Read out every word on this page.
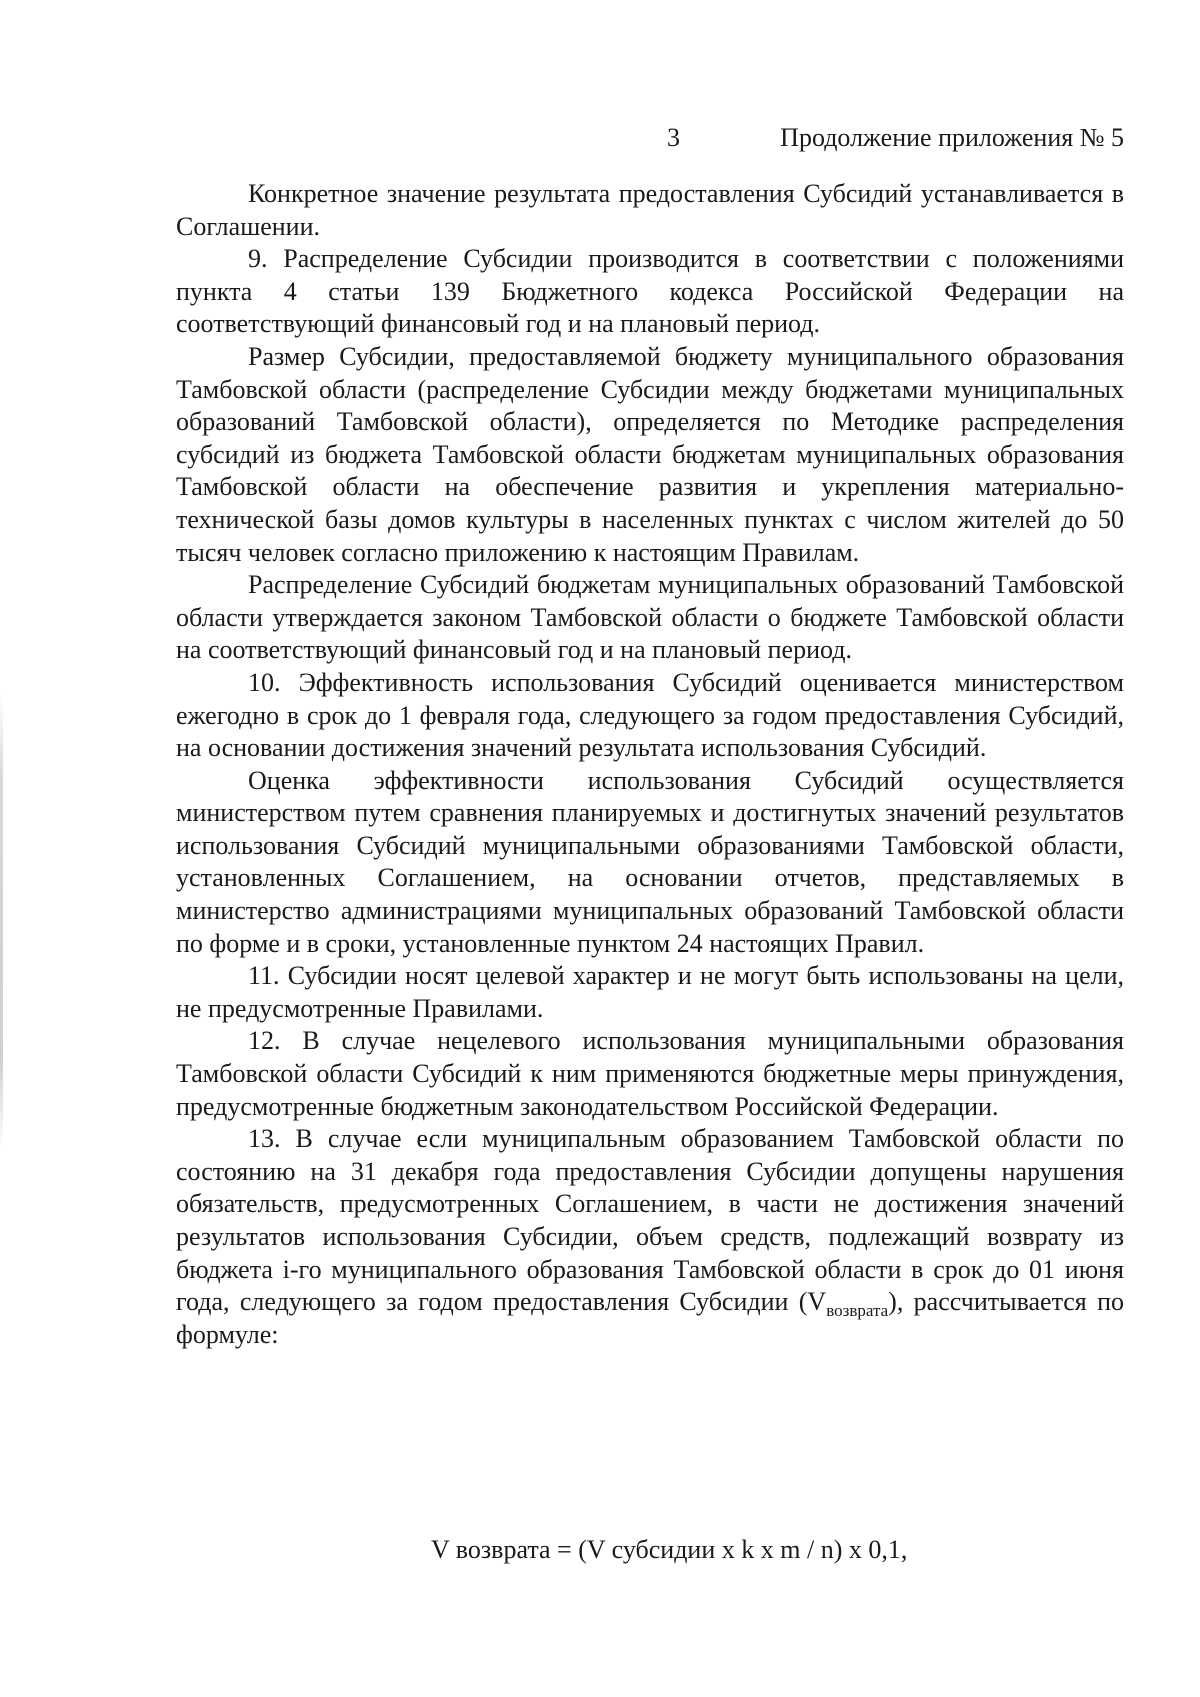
3	Продолжение приложения № 5

Конкретное значение результата предоставления Субсидий устанавливается в Соглашении.

9. Распределение Субсидии производится в соответствии с положениями пункта 4 статьи 139 Бюджетного кодекса Российской Федерации на соответствующий финансовый год и на плановый период.

Размер Субсидии, предоставляемой бюджету муниципального образования Тамбовской области (распределение Субсидии между бюджетами муниципальных образований Тамбовской области), определяется по Методике распределения субсидий из бюджета Тамбовской области бюджетам муниципальных образования Тамбовской области на обеспечение развития и укрепления материально-технической базы домов культуры в населенных пунктах с числом жителей до 50 тысяч человек согласно приложению к настоящим Правилам.

Распределение Субсидий бюджетам муниципальных образований Тамбовской области утверждается законом Тамбовской области о бюджете Тамбовской области на соответствующий финансовый год и на плановый период.

10. Эффективность использования Субсидий оценивается министерством ежегодно в срок до 1 февраля года, следующего за годом предоставления Субсидий, на основании достижения значений результата использования Субсидий.

Оценка эффективности использования Субсидий осуществляется министерством путем сравнения планируемых и достигнутых значений результатов использования Субсидий муниципальными образованиями Тамбовской области, установленных Соглашением, на основании отчетов, представляемых в министерство администрациями муниципальных образований Тамбовской области по форме и в сроки, установленные пунктом 24 настоящих Правил.

11. Субсидии носят целевой характер и не могут быть использованы на цели, не предусмотренные Правилами.

12. В случае нецелевого использования муниципальными образования Тамбовской области Субсидий к ним применяются бюджетные меры принуждения, предусмотренные бюджетным законодательством Российской Федерации.

13. В случае если муниципальным образованием Тамбовской области по состоянию на 31 декабря года предоставления Субсидии допущены нарушения обязательств, предусмотренных Соглашением, в части не достижения значений результатов использования Субсидии, объем средств, подлежащий возврату из бюджета i-го муниципального образования Тамбовской области в срок до 01 июня года, следующего за годом предоставления Субсидии $(V_{возврата})$, рассчитывается по формуле:

V возврата = (V субсидии x k x m / n) x 0,1,
